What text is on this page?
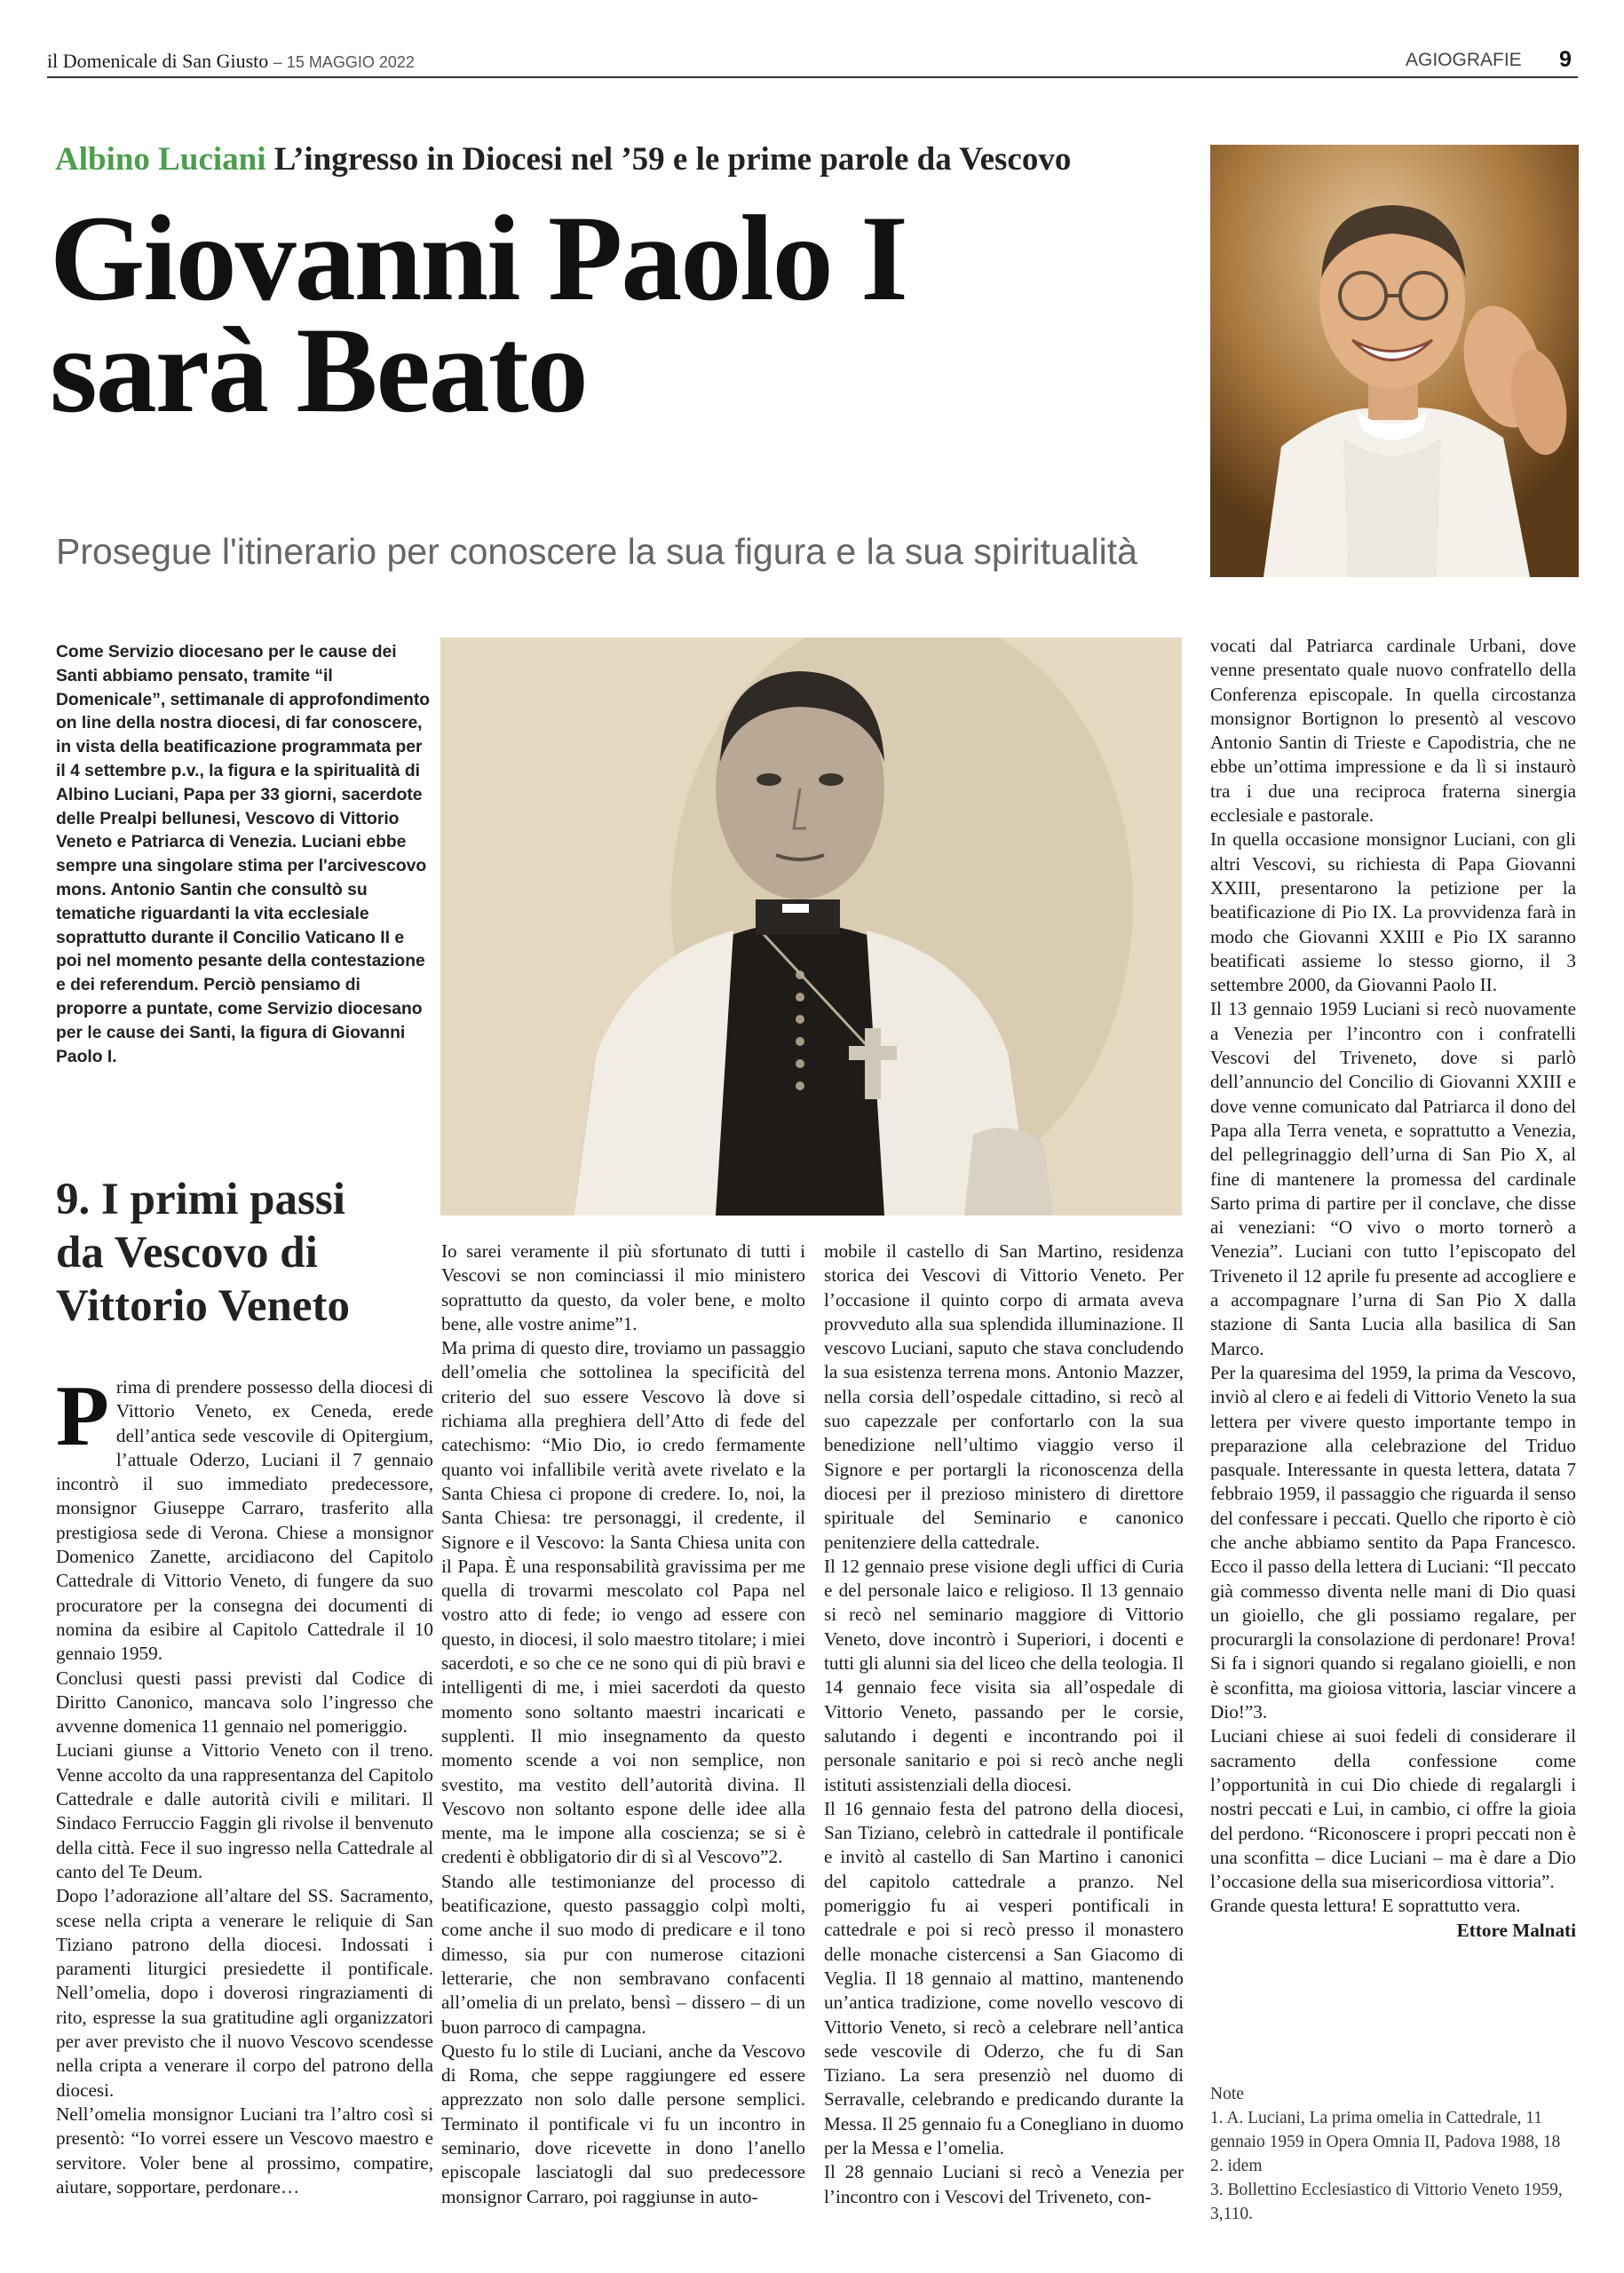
il Domenicale di San Giusto – 15 MAGGIO 2022	AGIOGRAFIE 9
Albino Luciani L’ingresso in Diocesi nel ’59 e le prime parole da Vescovo
Giovanni Paolo I
sarà Beato
Prosegue l'itinerario per conoscere la sua figura e la sua spiritualità
Come Servizio diocesano per le cause dei Santi abbiamo pensato, tramite “il Domenicale”, settimanale di approfondimento on line della nostra diocesi, di far conoscere, in vista della beatificazione programmata per il 4 settembre p.v., la figura e la spiritualità di Albino Luciani, Papa per 33 giorni, sacerdote delle Prealpi bellunesi, Vescovo di Vittorio Veneto e Patriarca di Venezia. Luciani ebbe sempre una singolare stima per l'arcivescovo mons. Antonio Santin che consultò su tematiche riguardanti la vita ecclesiale soprattutto durante il Concilio Vaticano II e poi nel momento pesante della contestazione e dei referendum. Perciò pensiamo di proporre a puntate, come Servizio diocesano per le cause dei Santi, la figura di Giovanni Paolo I.
9. I primi passi
da Vescovo di
Vittorio Veneto

Prima di prendere possesso della diocesi di Vittorio Veneto, ex Ceneda, erede dell’antica sede vescovile di Opitergium, l’attuale Oderzo, Luciani il 7 gennaio incontrò il suo immediato predecessore, monsignor Giuseppe Carraro, trasferito alla prestigiosa sede di Verona. Chiese a monsignor Domenico Zanette, arcidiacono del Capitolo Cattedrale di Vittorio Veneto, di fungere da suo procuratore per la consegna dei documenti di nomina da esibire al Capitolo Cattedrale il 10 gennaio 1959.

Conclusi questi passi previsti dal Codice di Diritto Canonico, mancava solo l’ingresso che avvenne domenica 11 gennaio nel pomeriggio.

Luciani giunse a Vittorio Veneto con il treno. Venne accolto da una rappresentanza del Capitolo Cattedrale e dalle autorità civili e militari. Il Sindaco Ferruccio Faggin gli rivolse il benvenuto della città. Fece il suo ingresso nella Cattedrale al canto del Te Deum.

Dopo l’adorazione all’altare del SS. Sacramento, scese nella cripta a venerare le reliquie di San Tiziano patrono della diocesi. Indossati i paramenti liturgici presiedette il pontificale. Nell’omelia, dopo i doverosi ringraziamenti di rito, espresse la sua gratitudine agli organizzatori per aver previsto che il nuovo Vescovo scendesse nella cripta a venerare il corpo del patrono della diocesi.

Nell’omelia monsignor Luciani tra l’altro così si presentò: “Io vorrei essere un Vescovo maestro e servitore. Voler bene al prossimo, compatire, aiutare, sopportare, perdonare…

Io sarei veramente il più sfortunato di tutti i Vescovi se non cominciassi il mio ministero soprattutto da questo, da voler bene, e molto bene, alle vostre anime”1.

Ma prima di questo dire, troviamo un passaggio dell’omelia che sottolinea la specificità del criterio del suo essere Vescovo là dove si richiama alla preghiera dell’Atto di fede del catechismo: “Mio Dio, io credo fermamente quanto voi infallibile verità avete rivelato e la Santa Chiesa ci propone di credere. Io, noi, la Santa Chiesa: tre personaggi, il credente, il Signore e il Vescovo: la Santa Chiesa unita con il Papa. È una responsabilità gravissima per me quella di trovarmi mescolato col Papa nel vostro atto di fede; io vengo ad essere con questo, in diocesi, il solo maestro titolare; i miei sacerdoti, e so che ce ne sono qui di più bravi e intelligenti di me, i miei sacerdoti da questo momento sono soltanto maestri incaricati e supplenti. Il mio insegnamento da questo momento scende a voi non semplice, non svestito, ma vestito dell’autorità divina. Il Vescovo non soltanto espone delle idee alla mente, ma le impone alla coscienza; se si è credenti è obbligatorio dir di sì al Vescovo”2.

Stando alle testimonianze del processo di beatificazione, questo passaggio colpì molti, come anche il suo modo di predicare e il tono dimesso, sia pur con numerose citazioni letterarie, che non sembravano confacenti all’omelia di un prelato, bensì – dissero – di un buon parroco di campagna.

Questo fu lo stile di Luciani, anche da Vescovo di Roma, che seppe raggiungere ed essere apprezzato non solo dalle persone semplici. Terminato il pontificale vi fu un incontro in seminario, dove ricevette in dono l’anello episcopale lasciatogli dal suo predecessore monsignor Carraro, poi raggiunse in auto-

mobile il castello di San Martino, residenza storica dei Vescovi di Vittorio Veneto. Per l’occasione il quinto corpo di armata aveva provveduto alla sua splendida illuminazione. Il vescovo Luciani, saputo che stava concludendo la sua esistenza terrena mons. Antonio Mazzer, nella corsia dell’ospedale cittadino, si recò al suo capezzale per confortarlo con la sua benedizione nell’ultimo viaggio verso il Signore e per portargli la riconoscenza della diocesi per il prezioso ministero di direttore spirituale del Seminario e canonico penitenziere della cattedrale.

Il 12 gennaio prese visione degli uffici di Curia e del personale laico e religioso. Il 13 gennaio si recò nel seminario maggiore di Vittorio Veneto, dove incontrò i Superiori, i docenti e tutti gli alunni sia del liceo che della teologia. Il 14 gennaio fece visita sia all’ospedale di Vittorio Veneto, passando per le corsie, salutando i degenti e incontrando poi il personale sanitario e poi si recò anche negli istituti assistenziali della diocesi.

Il 16 gennaio festa del patrono della diocesi, San Tiziano, celebrò in cattedrale il pontificale e invitò al castello di San Martino i canonici del capitolo cattedrale a pranzo. Nel pomeriggio fu ai vesperi pontificali in cattedrale e poi si recò presso il monastero delle monache cistercensi a San Giacomo di Veglia. Il 18 gennaio al mattino, mantenendo un’antica tradizione, come novello vescovo di Vittorio Veneto, si recò a celebrare nell’antica sede vescovile di Oderzo, che fu di San Tiziano. La sera presenziò nel duomo di Serravalle, celebrando e predicando durante la Messa. Il 25 gennaio fu a Conegliano in duomo per la Messa e l’omelia.

Il 28 gennaio Luciani si recò a Venezia per l’incontro con i Vescovi del Triveneto, con-

vocati dal Patriarca cardinale Urbani, dove venne presentato quale nuovo confratello della Conferenza episcopale. In quella circostanza monsignor Bortignon lo presentò al vescovo Antonio Santin di Trieste e Capodistria, che ne ebbe un’ottima impressione e da lì si instaurò tra i due una reciproca fraterna sinergia ecclesiale e pastorale.

In quella occasione monsignor Luciani, con gli altri Vescovi, su richiesta di Papa Giovanni XXIII, presentarono la petizione per la beatificazione di Pio IX. La provvidenza farà in modo che Giovanni XXIII e Pio IX saranno beatificati assieme lo stesso giorno, il 3 settembre 2000, da Giovanni Paolo II.

Il 13 gennaio 1959 Luciani si recò nuovamente a Venezia per l’incontro con i confratelli Vescovi del Triveneto, dove si parlò dell’annuncio del Concilio di Giovanni XXIII e dove venne comunicato dal Patriarca il dono del Papa alla Terra veneta, e soprattutto a Venezia, del pellegrinaggio dell’urna di San Pio X, al fine di mantenere la promessa del cardinale Sarto prima di partire per il conclave, che disse ai veneziani: “O vivo o morto tornerò a Venezia”. Luciani con tutto l’episcopato del Triveneto il 12 aprile fu presente ad accogliere e a accompagnare l’urna di San Pio X dalla stazione di Santa Lucia alla basilica di San Marco.

Per la quaresima del 1959, la prima da Vescovo, inviò al clero e ai fedeli di Vittorio Veneto la sua lettera per vivere questo importante tempo in preparazione alla celebrazione del Triduo pasquale. Interessante in questa lettera, datata 7 febbraio 1959, il passaggio che riguarda il senso del confessare i peccati. Quello che riporto è ciò che anche abbiamo sentito da Papa Francesco. Ecco il passo della lettera di Luciani: “Il peccato già commesso diventa nelle mani di Dio quasi un gioiello, che gli possiamo regalare, per procurargli la consolazione di perdonare! Prova! Si fa i signori quando si regalano gioielli, e non è sconfitta, ma gioiosa vittoria, lasciar vincere a Dio!”3.

Luciani chiese ai suoi fedeli di considerare il sacramento della confessione come l’opportunità in cui Dio chiede di regalargli i nostri peccati e Lui, in cambio, ci offre la gioia del perdono. “Riconoscere i propri peccati non è una sconfitta – dice Luciani – ma è dare a Dio l’occasione della sua misericordiosa vittoria”.

Grande questa lettura! E soprattutto vera.

Ettore Malnati

Note

1. A. Luciani, La prima omelia in Cattedrale, 11 gennaio 1959 in Opera Omnia II, Padova 1988, 18

2. idem

3. Bollettino Ecclesiastico di Vittorio Veneto 1959, 3,110.
